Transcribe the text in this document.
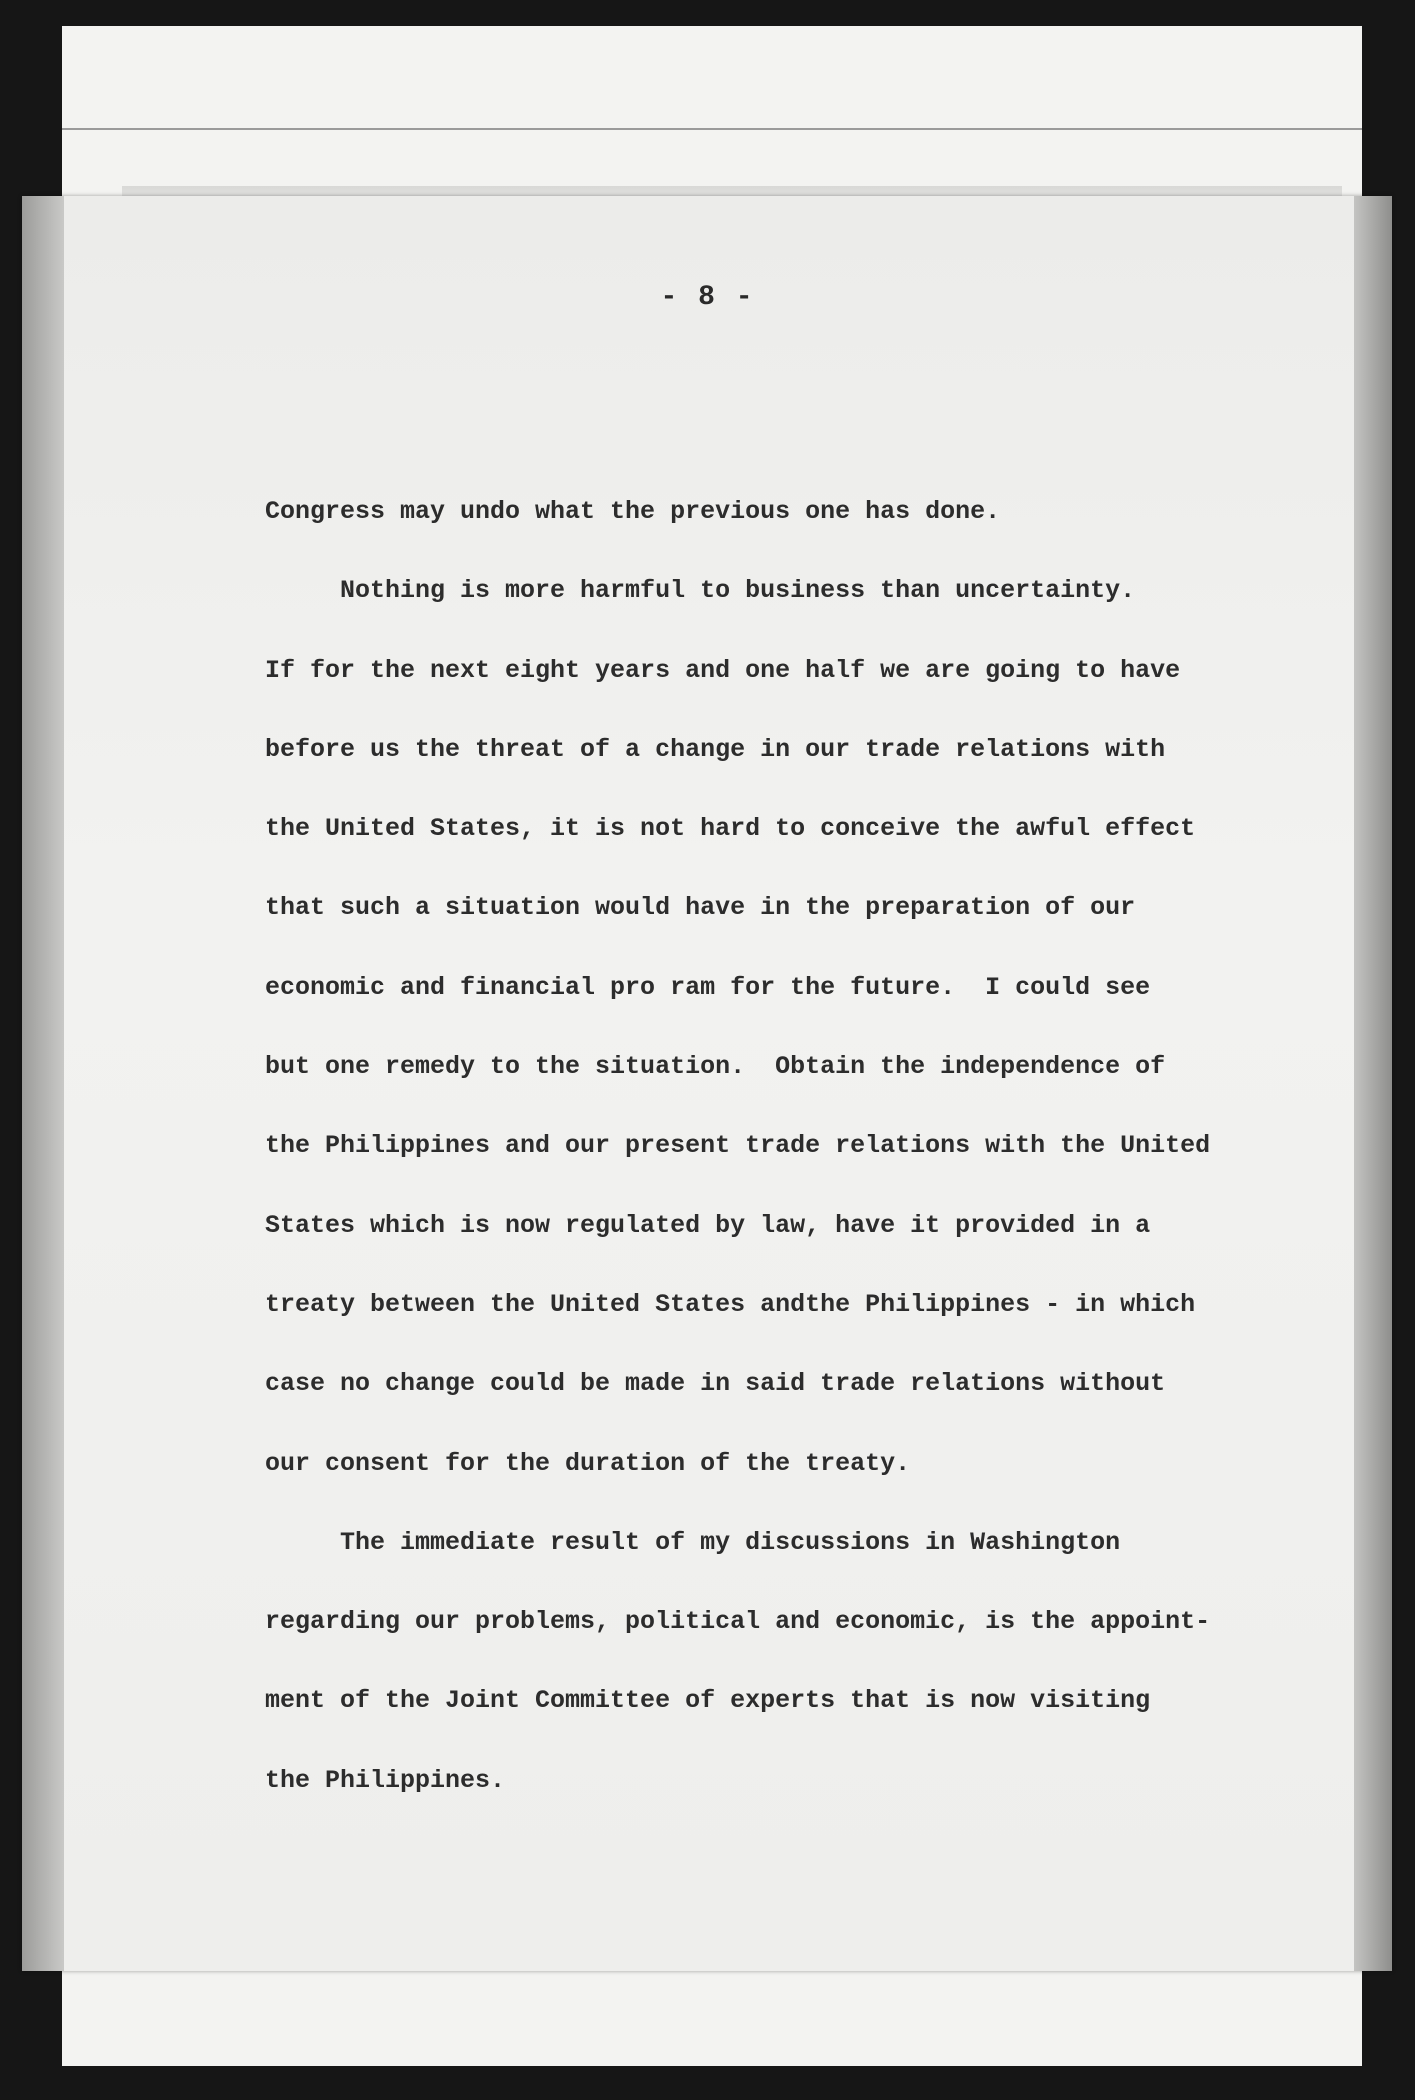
- 8 -
Congress may undo what the previous one has done.
Nothing is more harmful to business than uncertainty.
If for the next eight years and one half we are going to have
before us the threat of a change in our trade relations with
the United States, it is not hard to conceive the awful effect
that such a situation would have in the preparation of our
economic and financial pro ram for the future.  I could see
but one remedy to the situation.  Obtain the independence of
the Philippines and our present trade relations with the United
States which is now regulated by law, have it provided in a
treaty between the United States andthe Philippines - in which
case no change could be made in said trade relations without
our consent for the duration of the treaty.
The immediate result of my discussions in Washington
regarding our problems, political and economic, is the appoint-
ment of the Joint Committee of experts that is now visiting
the Philippines.
